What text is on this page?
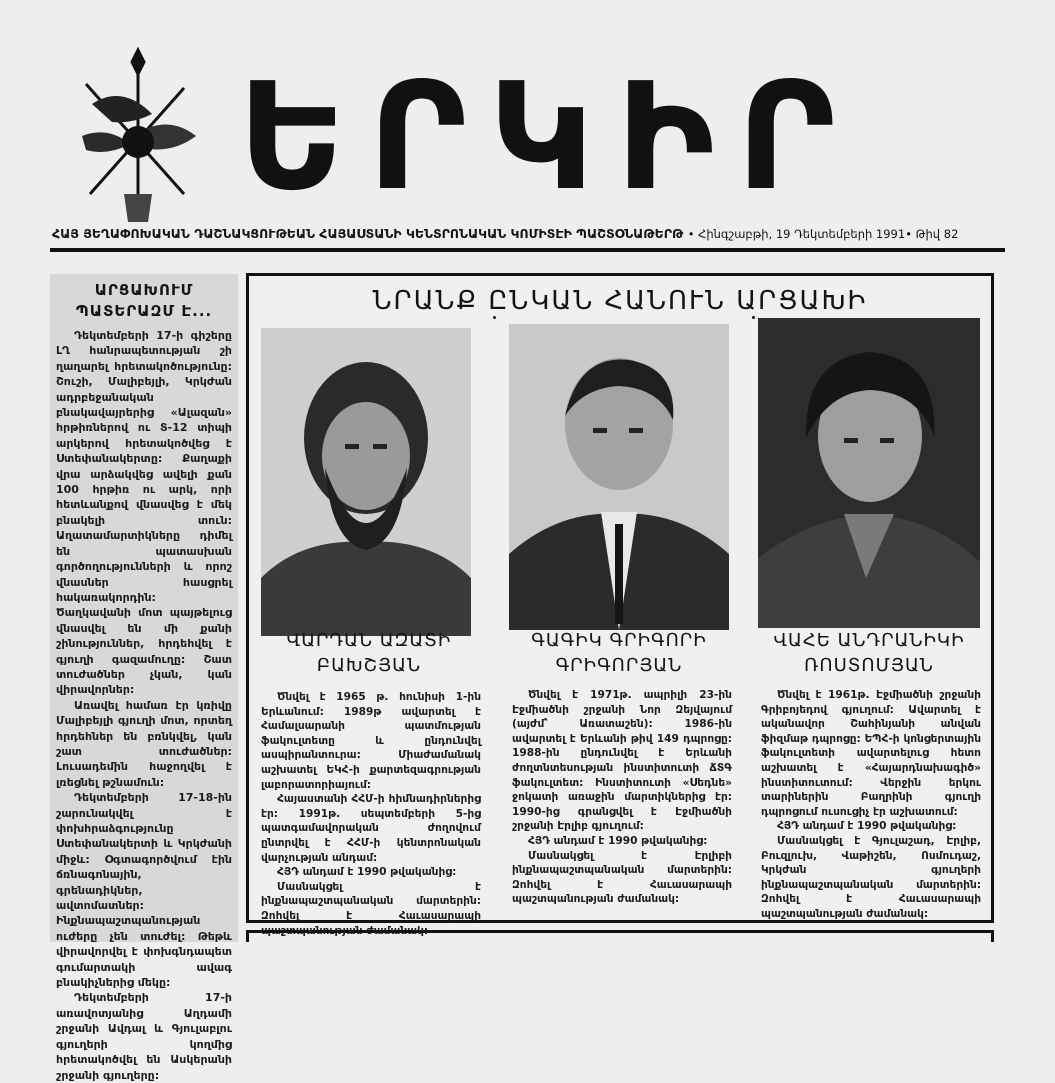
ԵՐԿԻՐ
ՀԱՅ ՅԵՂԱՓՈԽԱԿԱՆ ԴԱՇՆԱԿՑՈՒԹԵԱՆ ՀԱՅԱՍՏԱՆԻ ԿԵՆՏՐՈՆԱԿԱՆ ԿՈՄԻՏԷԻ ՊԱՇՏՕՆԱԹԵՐԹ • Հինգշաբթի, 19 Դեկտեմբերի 1991• Թիվ 82
ԱՐՑԱԽՈՒՄ
ՊԱՏԵՐԱԶՄ Է...

Դեկտեմբերի 17-ի գիշերը ԼՂ հանրապետության շի ղաղարել հրետակոծությունը: Շուշի, Մալիբեյլի, Կրկժան ադրբեջանական բնակավայրերից «Ալազան» հրթիռներով ու Տ-12 տիպի արկերով հրետակոծվեց է Ստեփանակերտը: Քաղաքի վրա արձակվեց ավելի քան 100 հրթիռ ու արկ, որի հետևանքով վնասվեց է մեկ բնակելի տուն: Աղատամարտիկները դիմել են պատասխան գործողությունների և որոշ վնասներ հասցրել հակառակորդին: Ծաղկավանի մոտ պայթելուց վնասվել են մի քանի շինություններ, հրդեհվել է գյուղի գազամուղը: Շատ տուժածներ չկան, կան վիրավորներ:

Առավել համառ էր կռիվը Մալիբեյլի գյուղի մոտ, որտեղ հրդեհներ են բռնկվել, կան շատ տուժածներ: Լուսադեմին հաջողվել է լռեցնել թշնամուն:

Դեկտեմբերի 17-18-ին շարունակվել է փոխհրաձգությունը Ստեփանակերտի և Կրկժանի միջև: Օգտագործվում էին ճռնագոնային, գրենադիկներ, ավտոմատներ: Ինքնապաշտպանության ուժերը չեն տուժել: Թեթև վիրավորվել է փոխգնդապետ գումարտակի ավագ բնակիչներից մեկը:

Դեկտեմբերի 17-ի առավոտյանից Աղդամի շրջանի Ավդալ և Գյուլաբլու գյուղերի կողմից հրետակոծվել են Ասկերանի շրջանի գյուղերը:

ՆՐԱՆՔ ԸՆԿԱՆ ՀԱՆՈՒՆ ԱՐՑԱԽԻ
ՎԱՐԴԱՆ ԱԶԱՏԻ
ԲԱԽՇՅԱՆ
ԳԱԳԻԿ ԳՐԻԳՈՐԻ
ԳՐԻԳՈՐՅԱՆ
ՎԱՀԵ ԱՆԴՐԱՆԻԿԻ
ՌՈՍՏՈՄՅԱՆ

Ծնվել է 1965 թ. հունիսի 1-ին Երևանում: 1989թ ավարտել է Համալսարանի պատմության ֆակուլտետը և ընդունվել ասպիրանտուրա: Միաժամանակ աշխատել ԵԿՀ-ի քարտեզագրության լաբորատորիայում:

Հայաստանի ՀՀՄ-ի հիմնադիրներից էր: 1991թ. սեպտեմբերի 5-ից պատգամավորական ժողովում ընտրվել է ՀՀՄ-ի կենտրոնական վարչության անդամ:

ՀՅԴ անդամ է 1990 թվականից:

Մասնակցել է ինքնապաշտպանական մարտերին: Զոհվել է Հաւասարապի պաշտպանության ժամանակ:

Ծնվել է 1971թ. ապրիլի 23-ին Էջմիածնի շրջանի Նոր Զեյվայում (այժմ՝ Առատաշեն): 1986-ին ավարտել է Երևանի թիվ 149 դպրոցը: 1988-ին ընդունվել է Երևանի ժողտնտեսության ինստիտուտի ՃՏԳ ֆակուլտետ: Ինստիտուտի «Սեդնե» ջոկատի առաջին մարտիկներից էր: 1990-ից գրանցվել է Էջմիածնի շրջանի Էրլիբ գյուղում:

ՀՅԴ անդամ է 1990 թվականից:

Մասնակցել է Էրլիբի ինքնապաշտպանական մարտերին: Զոհվել է Հաւասարապի պաշտպանության ժամանակ:

Ծնվել է 1961թ. Էջմիածնի շրջանի Գրիբոյեդով գյուղում: Ավարտել է ականավոր Շահինյանի անվան ֆիզմաթ դպրոցը: ԵՊՀ-ի կոնցերտային ֆակուլտետի ավարտելուց հետո աշխատել է «Հայարդնախագիծ» ինստիտուտում: Վերջին երկու տարիներին Բաղրինի գյուղի դպրոցում ուսուցիչ էր աշխատում:

ՀՅԴ անդամ է 1990 թվականից:

Մասնակցել է Գյուլաշադ, Էրլիբ, Բուզլուխ, Վաթիշեն, Ոսմուդաշ, Կրկժան գյուղերի ինքնապաշտպանական մարտերին: Զոհվել է Հաւասարապի պաշտպանության ժամանակ:
